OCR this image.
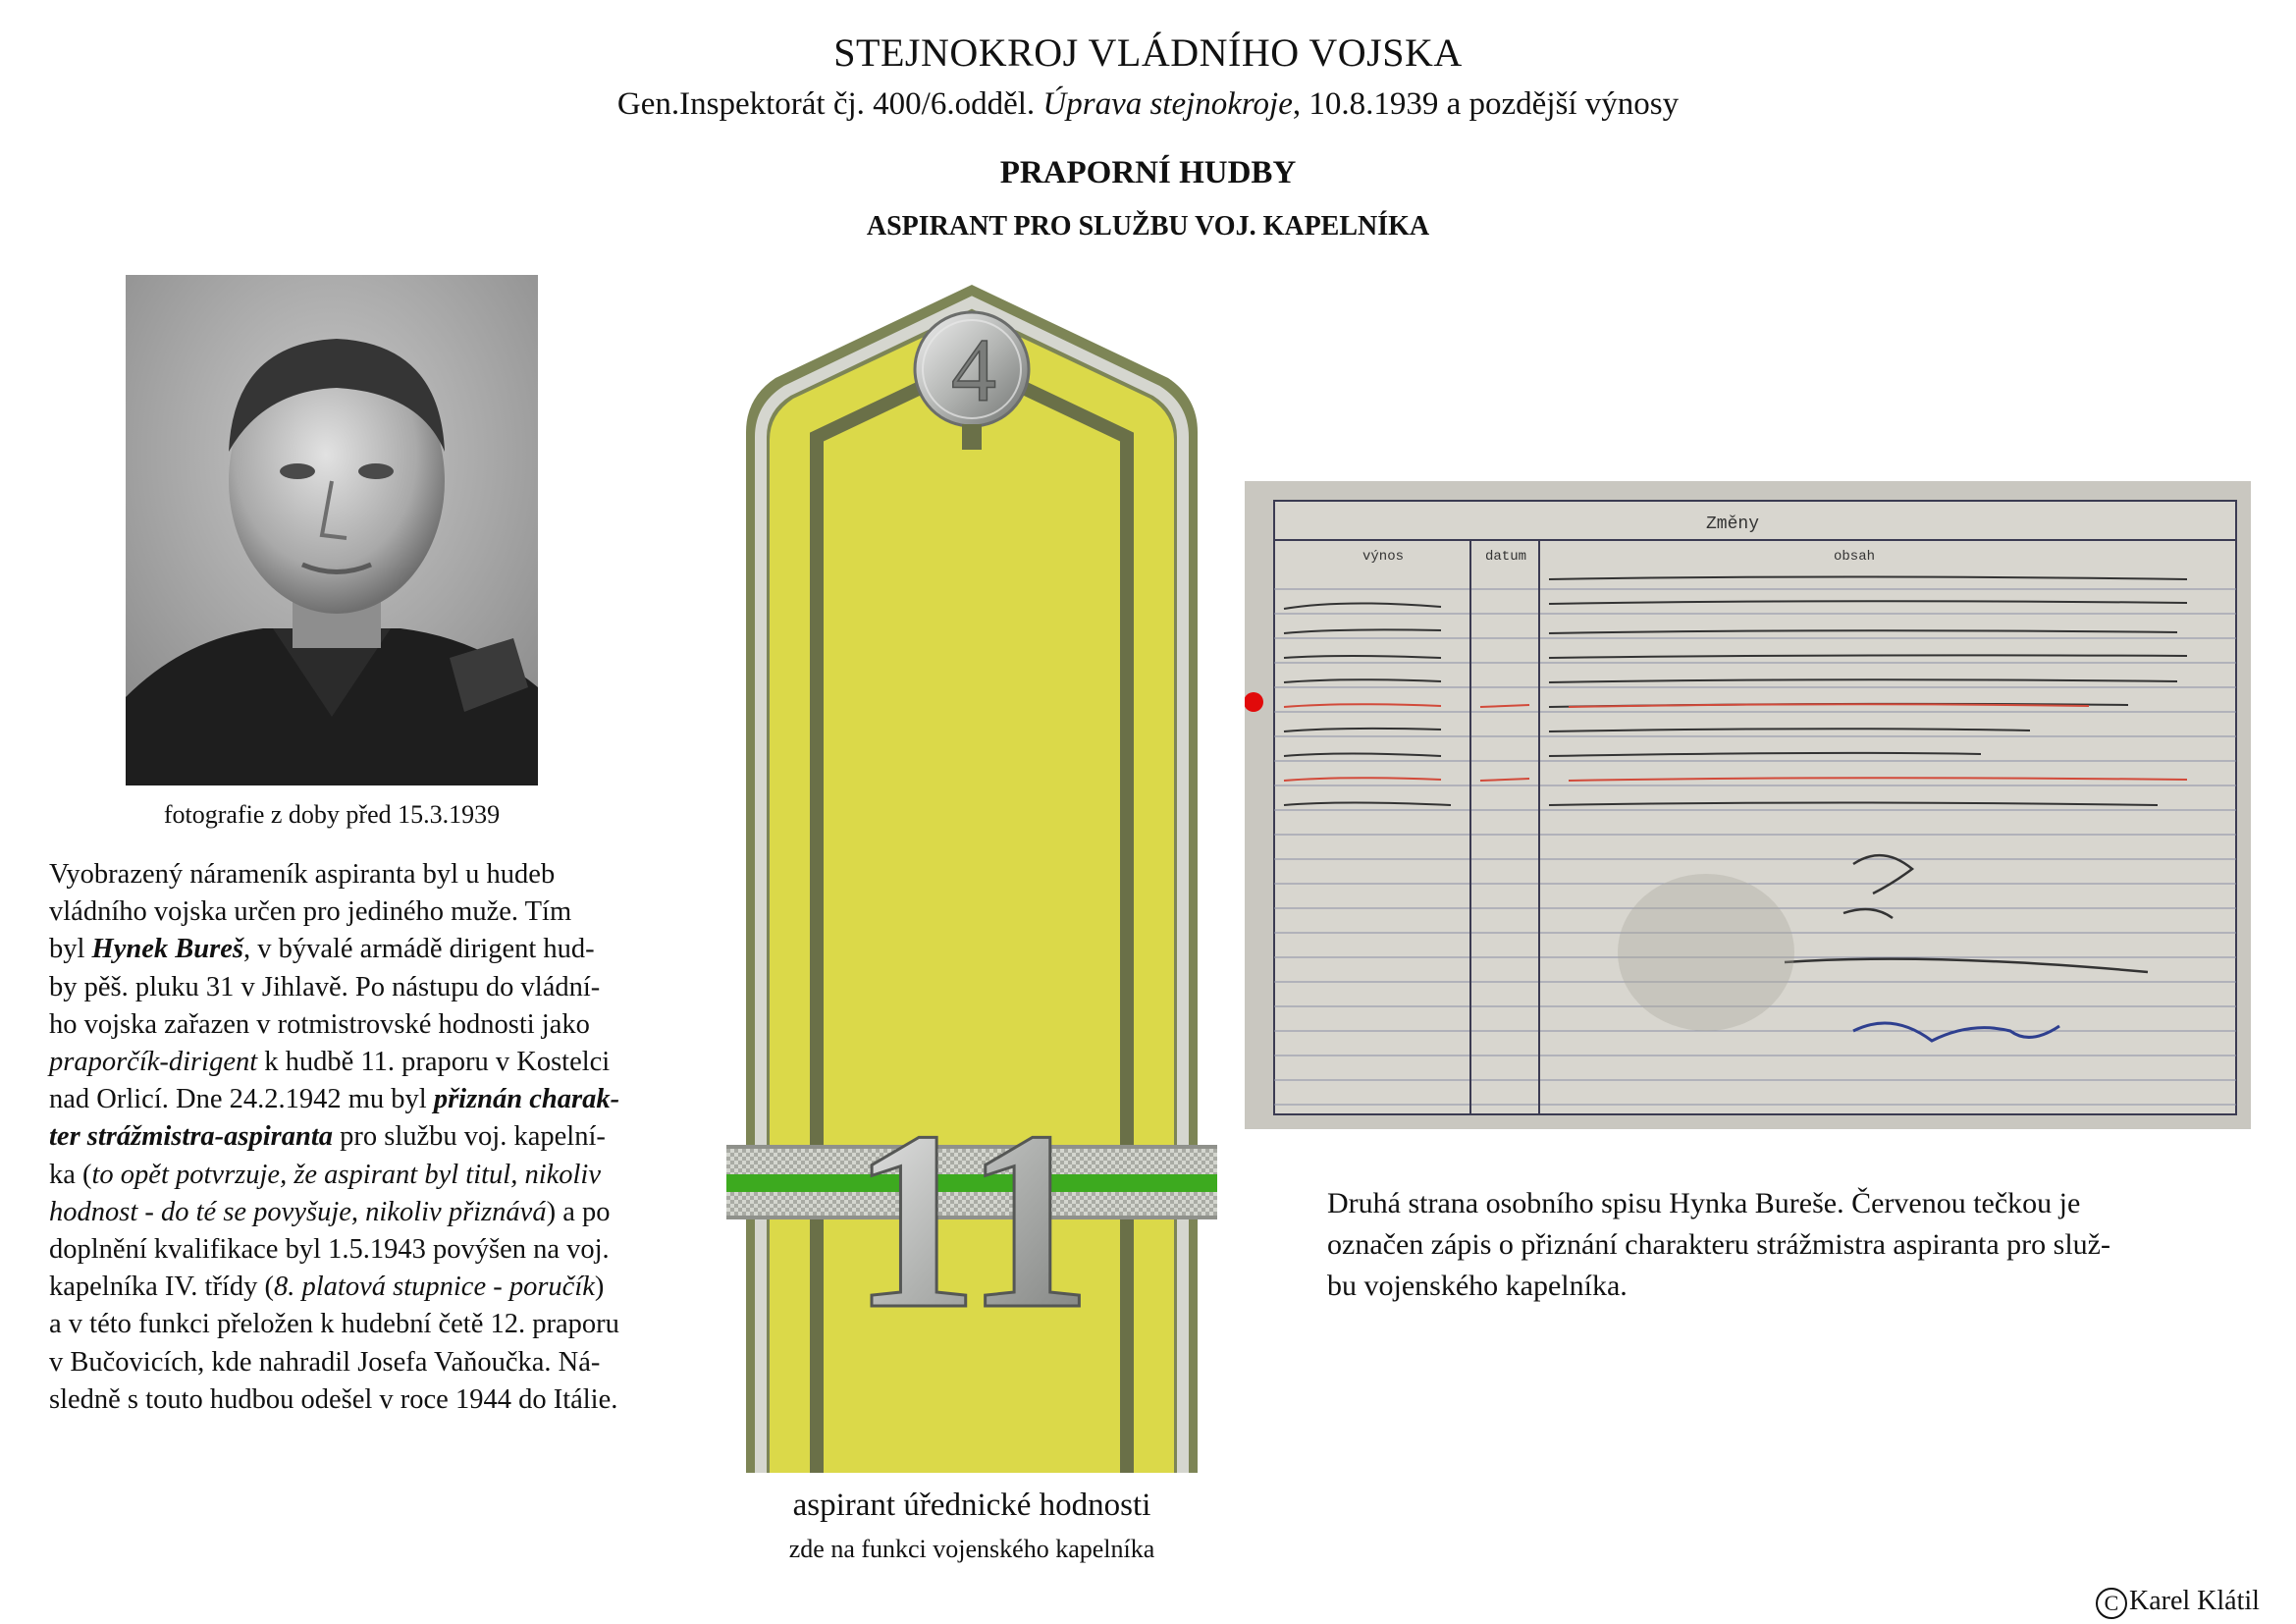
STEJNOKROJ VLÁDNÍHO VOJSKA
Gen.Inspektorát čj. 400/6.odděl. Úprava stejnokroje, 10.8.1939 a pozdější výnosy
PRAPORNÍ HUDBY
ASPIRANT PRO SLUŽBU VOJ. KAPELNÍKA
fotografie z doby před 15.3.1939
Vyobrazený nárameník aspiranta byl u hudeb
vládního vojska určen pro jediného muže. Tím
byl Hynek Bureš, v bývalé armádě dirigent hud-
by pěš. pluku 31 v Jihlavě. Po nástupu do vládní-
ho vojska zařazen v rotmistrovské hodnosti jako
praporčík-dirigent k hudbě 11. praporu v Kostelci
nad Orlicí. Dne 24.2.1942 mu byl přiznán charak-
ter strážmistra-aspiranta pro službu voj. kapelní-
ka (to opět potvrzuje, že aspirant byl titul, nikoliv
hodnost - do té se povyšuje, nikoliv přiznává) a po
doplnění kvalifikace byl 1.5.1943 povýšen na voj.
kapelníka IV. třídy (8. platová stupnice - poručík)
a v této funkci přeložen k hudební četě 12. praporu
v Bučovicích, kde nahradil Josefa Vaňoučka. Ná-
sledně s touto hudbou odešel v roce 1944 do Itálie.
4
11
aspirant úřednické hodnosti
zde na funkci vojenského kapelníka
Změny
výnos	datum	obsah
Druhá strana osobního spisu Hynka Bureše. Červenou tečkou je
označen zápis o přiznání charakteru strážmistra aspiranta pro služ-
bu vojenského kapelníka.
C Karel Klátil
